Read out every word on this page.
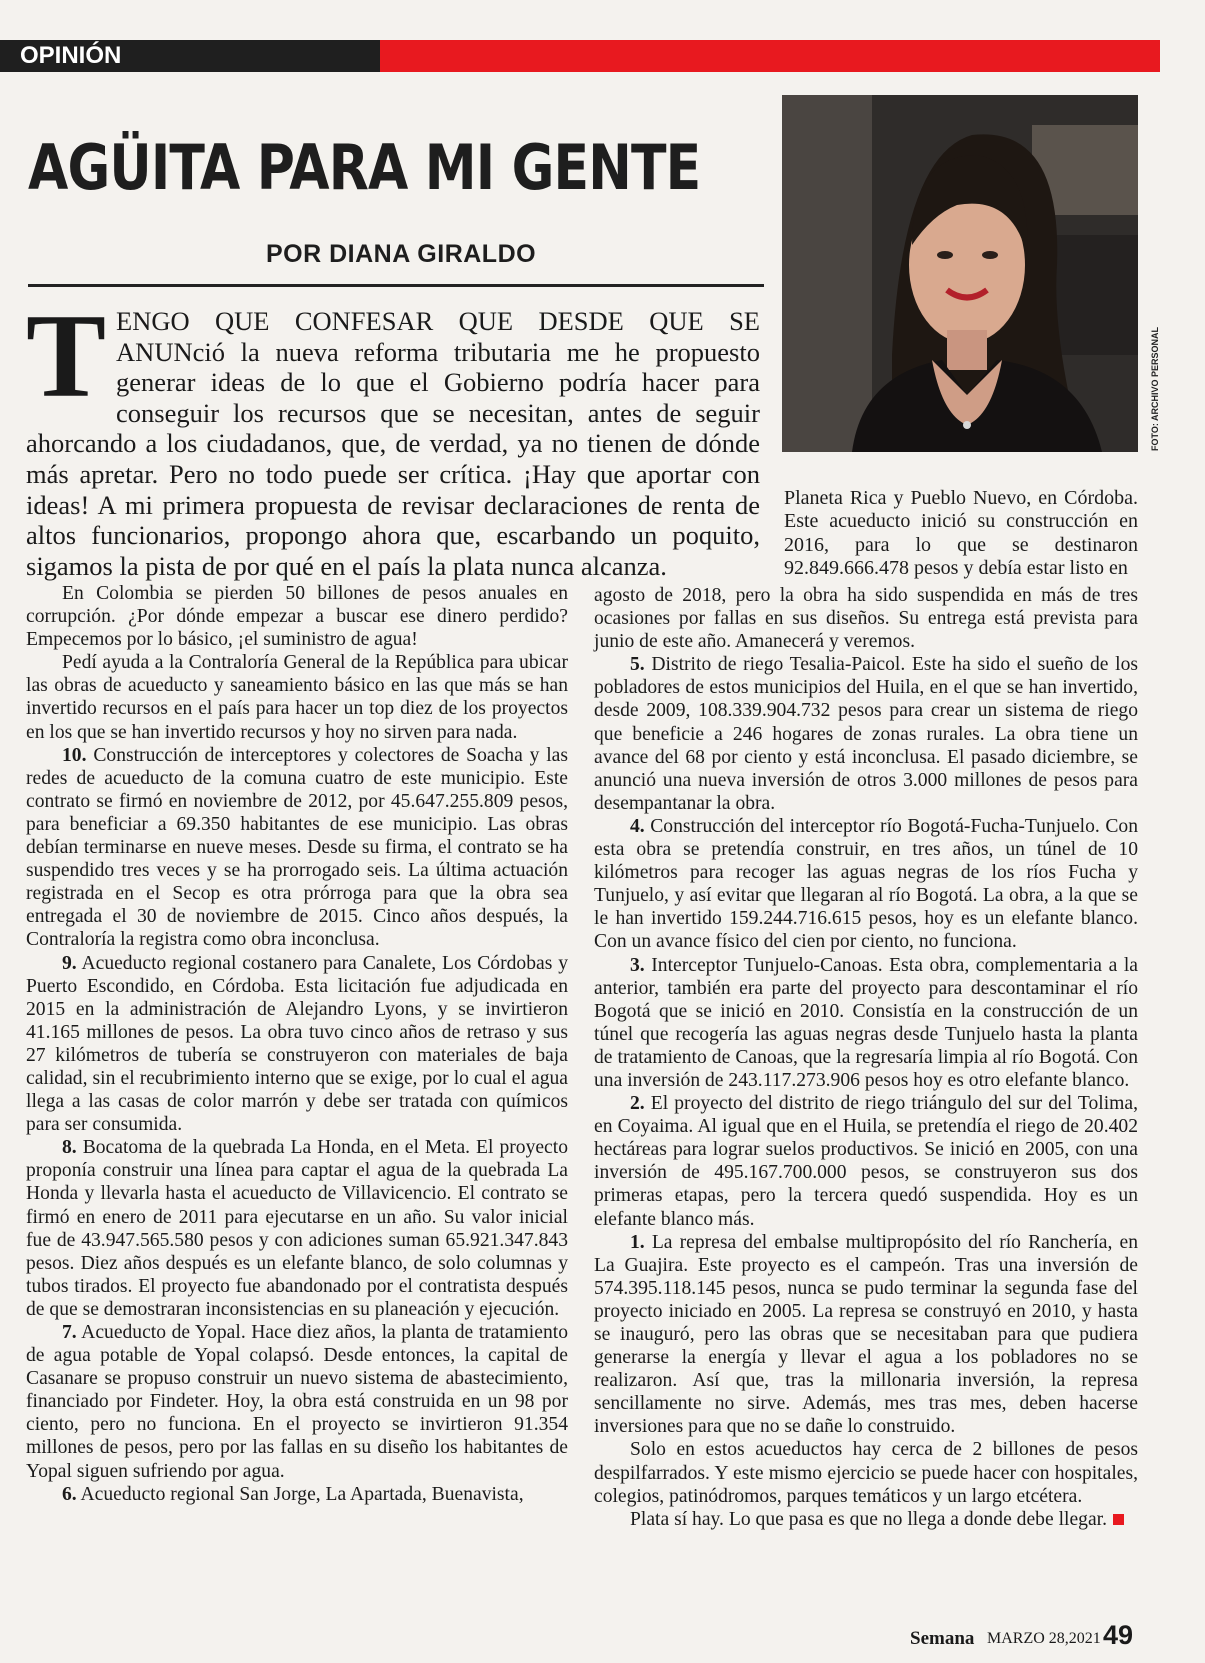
OPINIÓN
AGÜITA PARA MI GENTE
POR DIANA GIRALDO
FOTO: ARCHIVO PERSONAL
T ENGO QUE CONFESAR QUE DESDE QUE SE ANUNció la nueva reforma tributaria me he propuesto generar ideas de lo que el Gobierno podría hacer para conseguir los recursos que se necesitan, antes de seguir ahorcando a los ciudadanos, que, de verdad, ya no tienen de dónde más apretar. Pero no todo puede ser crítica. ¡Hay que aportar con ideas! A mi primera propuesta de revisar declaraciones de renta de altos funcionarios, propongo ahora que, escarbando un poquito, sigamos la pista de por qué en el país la plata nunca alcanza.
Planeta Rica y Pueblo Nuevo, en Córdoba. Este acueducto inició su construcción en 2016, para lo que se destinaron 92.849.666.478 pesos y debía estar listo en

En Colombia se pierden 50 billones de pesos anuales en corrupción. ¿Por dónde empezar a buscar ese dinero perdido? Empecemos por lo básico, ¡el suministro de agua!

Pedí ayuda a la Contraloría General de la República para ubicar las obras de acueducto y saneamiento básico en las que más se han invertido recursos en el país para hacer un top diez de los proyectos en los que se han invertido recursos y hoy no sirven para nada.

10. Construcción de interceptores y colectores de Soacha y las redes de acueducto de la comuna cuatro de este municipio. Este contrato se firmó en noviembre de 2012, por 45.647.255.809 pesos, para beneficiar a 69.350 habitantes de ese municipio. Las obras debían terminarse en nueve meses. Desde su firma, el contrato se ha suspendido tres veces y se ha prorrogado seis. La última actuación registrada en el Secop es otra prórroga para que la obra sea entregada el 30 de noviembre de 2015. Cinco años después, la Contraloría la registra como obra inconclusa.

9. Acueducto regional costanero para Canalete, Los Córdobas y Puerto Escondido, en Córdoba. Esta licitación fue adjudicada en 2015 en la administración de Alejandro Lyons, y se invirtieron 41.165 millones de pesos. La obra tuvo cinco años de retraso y sus 27 kilómetros de tubería se construyeron con materiales de baja calidad, sin el recubrimiento interno que se exige, por lo cual el agua llega a las casas de color marrón y debe ser tratada con químicos para ser consumida.

8. Bocatoma de la quebrada La Honda, en el Meta. El proyecto proponía construir una línea para captar el agua de la quebrada La Honda y llevarla hasta el acueducto de Villavicencio. El contrato se firmó en enero de 2011 para ejecutarse en un año. Su valor inicial fue de 43.947.565.580 pesos y con adiciones suman 65.921.347.843 pesos. Diez años después es un elefante blanco, de solo columnas y tubos tirados. El proyecto fue abandonado por el contratista después de que se demostraran inconsistencias en su planeación y ejecución.

7. Acueducto de Yopal. Hace diez años, la planta de tratamiento de agua potable de Yopal colapsó. Desde entonces, la capital de Casanare se propuso construir un nuevo sistema de abastecimiento, financiado por Findeter. Hoy, la obra está construida en un 98 por ciento, pero no funciona. En el proyecto se invirtieron 91.354 millones de pesos, pero por las fallas en su diseño los habitantes de Yopal siguen sufriendo por agua.

6. Acueducto regional San Jorge, La Apartada, Buenavista,

agosto de 2018, pero la obra ha sido suspendida en más de tres ocasiones por fallas en sus diseños. Su entrega está prevista para junio de este año. Amanecerá y veremos.

5. Distrito de riego Tesalia-Paicol. Este ha sido el sueño de los pobladores de estos municipios del Huila, en el que se han invertido, desde 2009, 108.339.904.732 pesos para crear un sistema de riego que beneficie a 246 hogares de zonas rurales. La obra tiene un avance del 68 por ciento y está inconclusa. El pasado diciembre, se anunció una nueva inversión de otros 3.000 millones de pesos para desempantanar la obra.

4. Construcción del interceptor río Bogotá-Fucha-Tunjuelo. Con esta obra se pretendía construir, en tres años, un túnel de 10 kilómetros para recoger las aguas negras de los ríos Fucha y Tunjuelo, y así evitar que llegaran al río Bogotá. La obra, a la que se le han invertido 159.244.716.615 pesos, hoy es un elefante blanco. Con un avance físico del cien por ciento, no funciona.

3. Interceptor Tunjuelo-Canoas. Esta obra, complementaria a la anterior, también era parte del proyecto para descontaminar el río Bogotá que se inició en 2010. Consistía en la construcción de un túnel que recogería las aguas negras desde Tunjuelo hasta la planta de tratamiento de Canoas, que la regresaría limpia al río Bogotá. Con una inversión de 243.117.273.906 pesos hoy es otro elefante blanco.

2. El proyecto del distrito de riego triángulo del sur del Tolima, en Coyaima. Al igual que en el Huila, se pretendía el riego de 20.402 hectáreas para lograr suelos productivos. Se inició en 2005, con una inversión de 495.167.700.000 pesos, se construyeron sus dos primeras etapas, pero la tercera quedó suspendida. Hoy es un elefante blanco más.

1. La represa del embalse multipropósito del río Ranchería, en La Guajira. Este proyecto es el campeón. Tras una inversión de 574.395.118.145 pesos, nunca se pudo terminar la segunda fase del proyecto iniciado en 2005. La represa se construyó en 2010, y hasta se inauguró, pero las obras que se necesitaban para que pudiera generarse la energía y llevar el agua a los pobladores no se realizaron. Así que, tras la millonaria inversión, la represa sencillamente no sirve. Además, mes tras mes, deben hacerse inversiones para que no se dañe lo construido.

Solo en estos acueductos hay cerca de 2 billones de pesos despilfarrados. Y este mismo ejercicio se puede hacer con hospitales, colegios, patinódromos, parques temáticos y un largo etcétera.

Plata sí hay. Lo que pasa es que no llega a donde debe llegar.

Semana MARZO 28,2021 49
